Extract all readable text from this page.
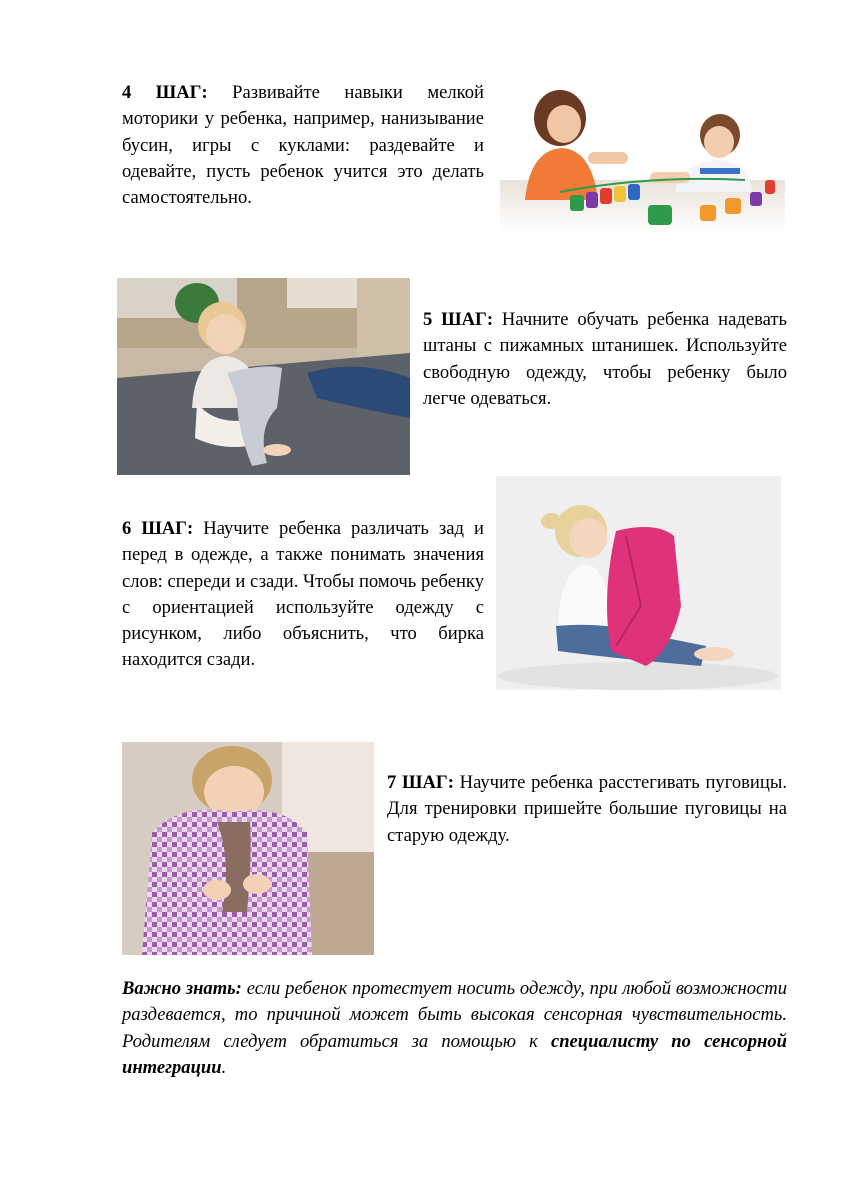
4 ШАГ: Развивайте навыки мелкой моторики у ребенка, например, нанизывание бусин, игры с куклами: раздевайте и одевайте, пусть ребенок учится это делать самостоятельно.

5 ШАГ: Начните обучать ребенка надевать штаны с пижамных штанишек. Используйте свободную одежду, чтобы ребенку было легче одеваться.

6 ШАГ: Научите ребенка различать зад и перед в одежде, а также понимать значения слов: спереди и сзади. Чтобы помочь ребенку с ориентацией используйте одежду с рисунком, либо объяснить, что бирка находится сзади.

7 ШАГ: Научите ребенка расстегивать пуговицы. Для тренировки пришейте большие пуговицы на старую одежду.

Важно знать: если ребенок протестует носить одежду, при любой возможности раздевается, то причиной может быть высокая сенсорная чувствительность. Родителям следует обратиться за помощью к специалисту по сенсорной интеграции.
